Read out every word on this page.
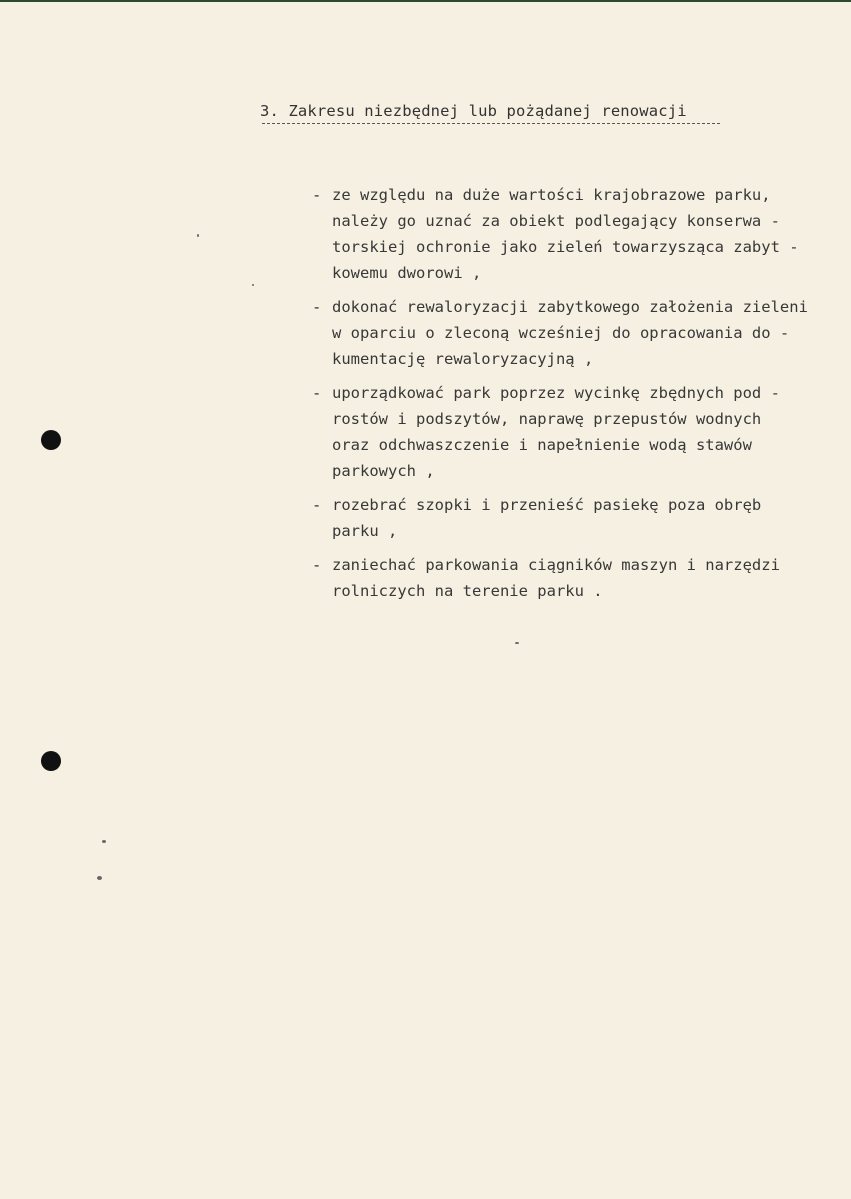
3. Zakresu niezbędnej lub pożądanej renowacji
- ze względu na duże wartości krajobrazowe parku,
należy go uznać za obiekt podlegający konserwa -
torskiej ochronie jako zieleń towarzysząca zabyt -
kowemu dworowi ,
- dokonać rewaloryzacji zabytkowego założenia zieleni
w oparciu o zleconą wcześniej do opracowania do -
kumentację rewaloryzacyjną ,
- uporządkować park poprzez wycinkę zbędnych pod -
rostów i podszytów, naprawę przepustów wodnych
oraz odchwaszczenie i napełnienie wodą stawów
parkowych ,
- rozebrać szopki i przenieść pasiekę poza obręb
parku ,
- zaniechać parkowania ciągników maszyn i narzędzi
rolniczych na terenie parku .
